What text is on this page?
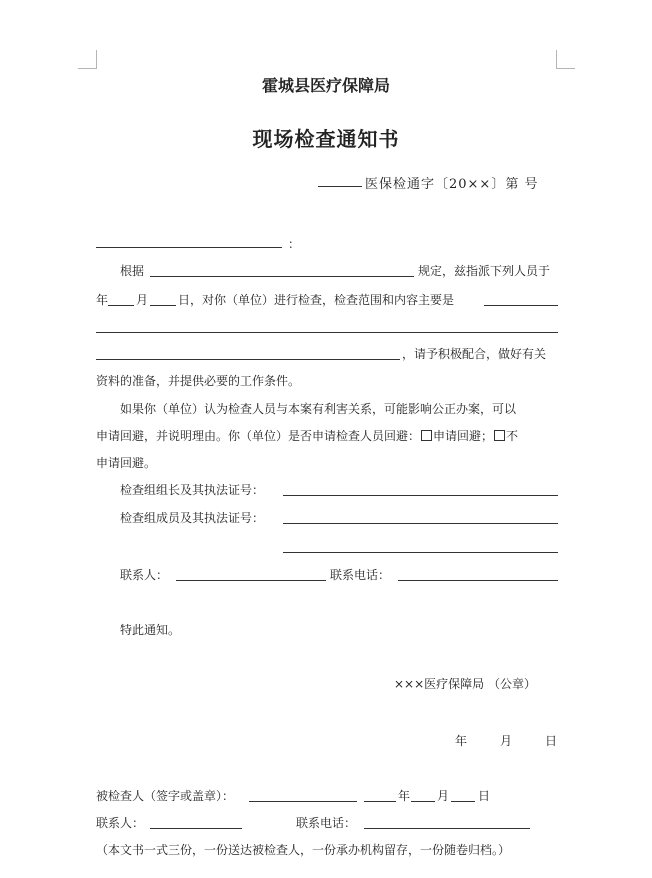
霍城县医疗保障局
现场检查通知书
医保检通字〔20××〕第 号
：
根据	规定，兹指派下列人员于
年 月 日，对你（单位）进行检查，检查范围和内容主要是
，请予积极配合，做好有关
资料的准备，并提供必要的工作条件。
如果你（单位）认为检查人员与本案有利害关系，可能影响公正办案，可以
申请回避，并说明理由。你（单位）是否申请检查人员回避： 申请回避； 不
申请回避。
检查组组长及其执法证号：
检查组成员及其执法证号：
联系人：	联系电话：
特此通知。
×××医疗保障局 （公章）
年	月	日
被检查人（签字或盖章）：	年 月 日
联系人：	联系电话：
（本文书一式三份，一份送达被检查人，一份承办机构留存，一份随卷归档。）
